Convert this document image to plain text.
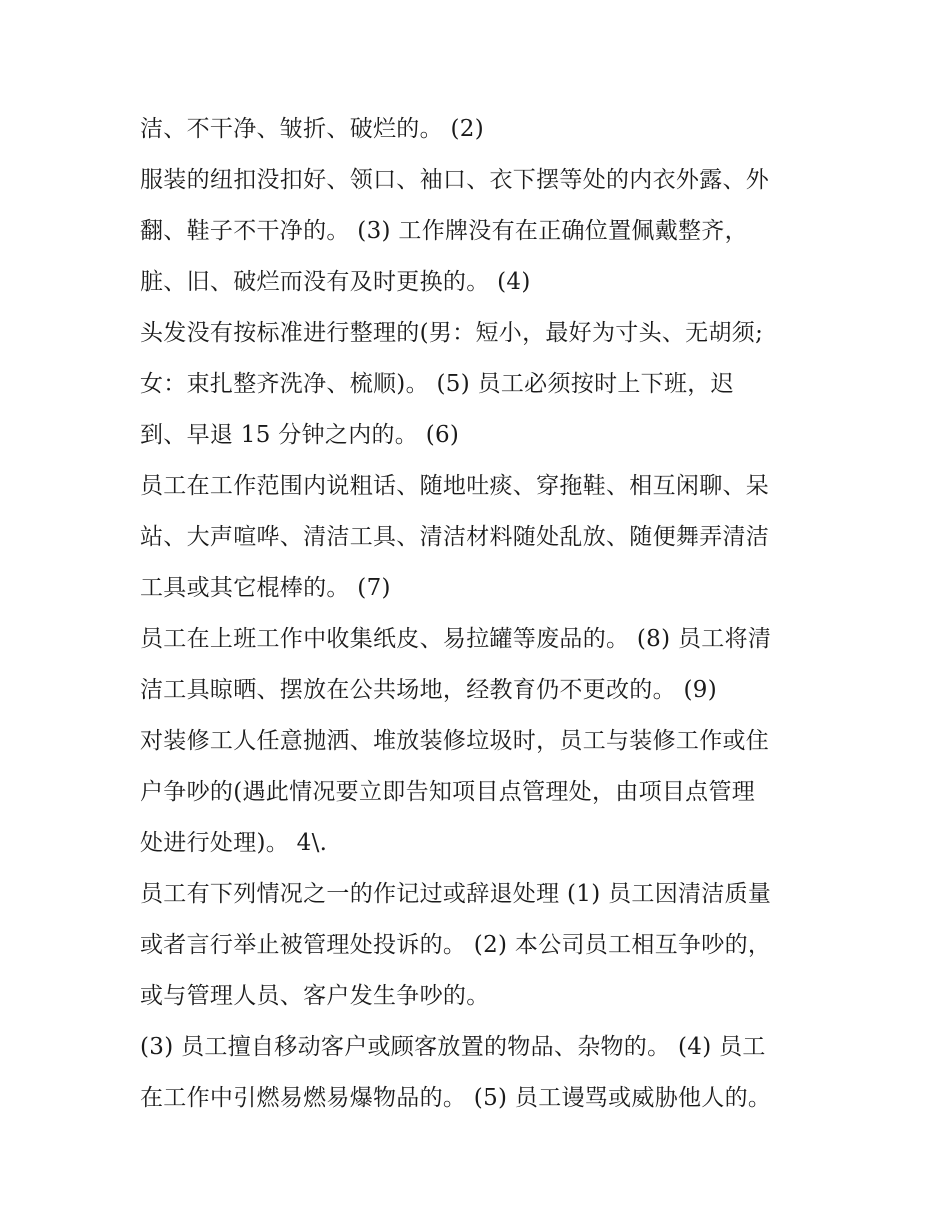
洁、不干净、皱折、破烂的。 (2)
服装的纽扣没扣好、领口、袖口、衣下摆等处的内衣外露、外
翻、鞋子不干净的。 (3) 工作牌没有在正确位置佩戴整齐，
脏、旧、破烂而没有及时更换的。 (4)
头发没有按标准进行整理的(男：短小，最好为寸头、无胡须;
女：束扎整齐洗净、梳顺)。 (5) 员工必须按时上下班，迟
到、早退 15 分钟之内的。 (6)
员工在工作范围内说粗话、随地吐痰、穿拖鞋、相互闲聊、呆
站、大声喧哗、清洁工具、清洁材料随处乱放、随便舞弄清洁
工具或其它棍棒的。 (7)
员工在上班工作中收集纸皮、易拉罐等废品的。 (8) 员工将清
洁工具晾晒、摆放在公共场地，经教育仍不更改的。 (9)
对装修工人任意抛洒、堆放装修垃圾时，员工与装修工作或住
户争吵的(遇此情况要立即告知项目点管理处，由项目点管理
处进行处理)。 4\.
员工有下列情况之一的作记过或辞退处理 (1) 员工因清洁质量
或者言行举止被管理处投诉的。 (2) 本公司员工相互争吵的，
或与管理人员、客户发生争吵的。
(3) 员工擅自移动客户或顾客放置的物品、杂物的。 (4) 员工
在工作中引燃易燃易爆物品的。 (5) 员工谩骂或威胁他人的。
